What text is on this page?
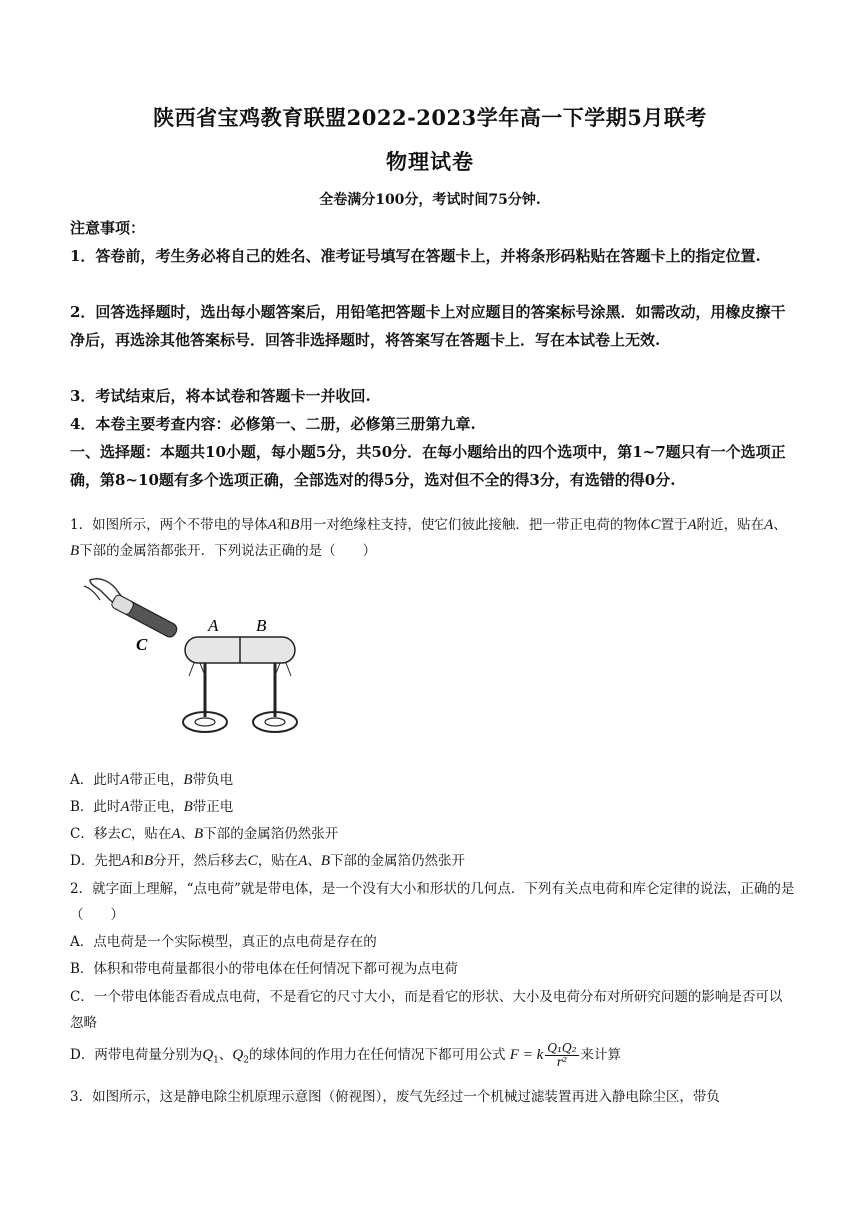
陕西省宝鸡教育联盟2022-2023学年高一下学期5月联考
物理试卷
全卷满分100分，考试时间75分钟.
注意事项：
1．答卷前，考生务必将自己的姓名、准考证号填写在答题卡上，并将条形码粘贴在答题卡上的指定位置.
2．回答选择题时，选出每小题答案后，用铅笔把答题卡上对应题目的答案标号涂黑．如需改动，用橡皮擦干净后，再选涂其他答案标号．回答非选择题时，将答案写在答题卡上．写在本试卷上无效.
3．考试结束后，将本试卷和答题卡一并收回.
4．本卷主要考查内容：必修第一、二册，必修第三册第九章.
一、选择题：本题共10小题，每小题5分，共50分．在每小题给出的四个选项中，第1~7题只有一个选项正确，第8~10题有多个选项正确，全部选对的得5分，选对但不全的得3分，有选错的得0分.
1．如图所示，两个不带电的导体A和B用一对绝缘柱支持，使它们彼此接触．把一带正电荷的物体C置于A附近，贴在A、B下部的金属箔都张开．下列说法正确的是（　　）
C
A B
A．此时A带正电，B带负电
B．此时A带正电，B带正电
C．移去C，贴在A、B下部的金属箔仍然张开
D．先把A和B分开，然后移去C，贴在A、B下部的金属箔仍然张开
2．就字面上理解，“点电荷”就是带电体，是一个没有大小和形状的几何点．下列有关点电荷和库仑定律的说法，正确的是（　　）
A．点电荷是一个实际模型，真正的点电荷是存在的
B．体积和带电荷量都很小的带电体在任何情况下都可视为点电荷
C．一个带电体能否看成点电荷，不是看它的尺寸大小，而是看它的形状、大小及电荷分布对所研究问题的影响是否可以忽略
D．两带电荷量分别为$Q_1$、$Q_2$的球体间的作用力在任何情况下都可用公式 F = k $\frac{\text{Q₁Q₂}}{\text{r²}}$ 来计算
3．如图所示，这是静电除尘机原理示意图（俯视图），废气先经过一个机械过滤装置再进入静电除尘区，带负
